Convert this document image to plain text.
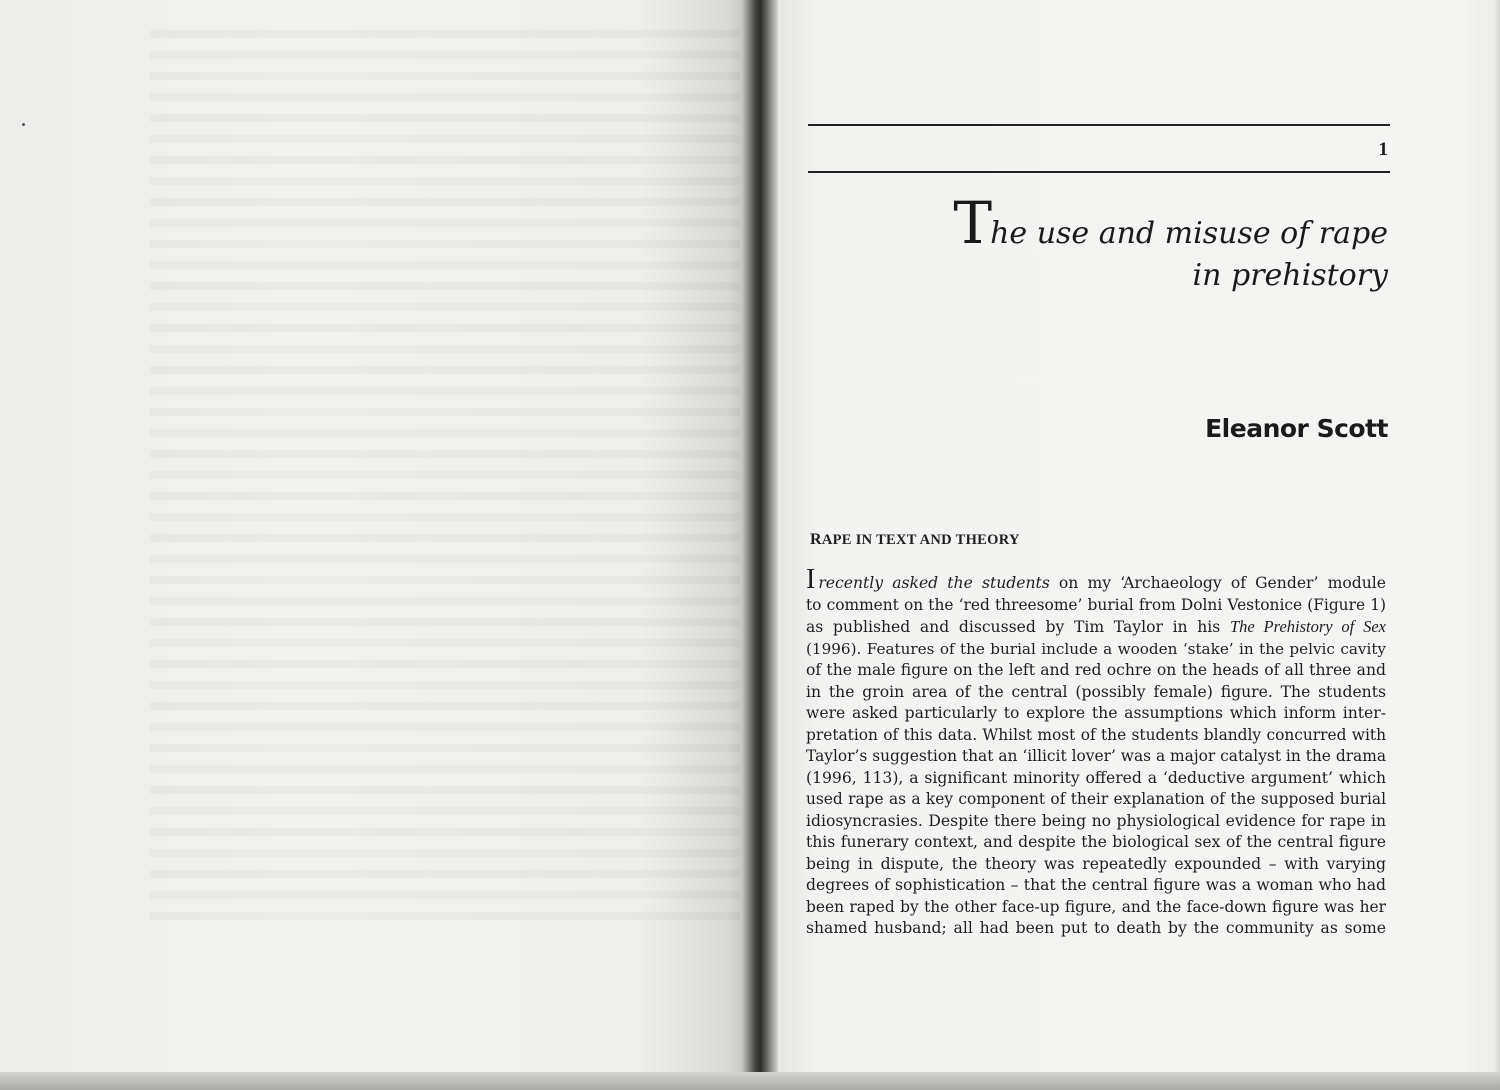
1
The use and misuse of rape
in prehistory
Eleanor Scott
RAPE IN TEXT AND THEORY
Irecently asked the students on my ‘Archaeology of Gender’ module
to comment on the ‘red threesome’ burial from Dolni Vestonice (Figure 1)
as published and discussed by Tim Taylor in his The Prehistory of Sex
(1996). Features of the burial include a wooden ‘stake’ in the pelvic cavity
of the male figure on the left and red ochre on the heads of all three and
in the groin area of the central (possibly female) figure. The students
were asked particularly to explore the assumptions which inform inter-
pretation of this data. Whilst most of the students blandly concurred with
Taylor’s suggestion that an ‘illicit lover’ was a major catalyst in the drama
(1996, 113), a significant minority offered a ‘deductive argument’ which
used rape as a key component of their explanation of the supposed burial
idiosyncrasies. Despite there being no physiological evidence for rape in
this funerary context, and despite the biological sex of the central figure
being in dispute, the theory was repeatedly expounded – with varying
degrees of sophistication – that the central figure was a woman who had
been raped by the other face-up figure, and the face-down figure was her
shamed husband; all had been put to death by the community as some
